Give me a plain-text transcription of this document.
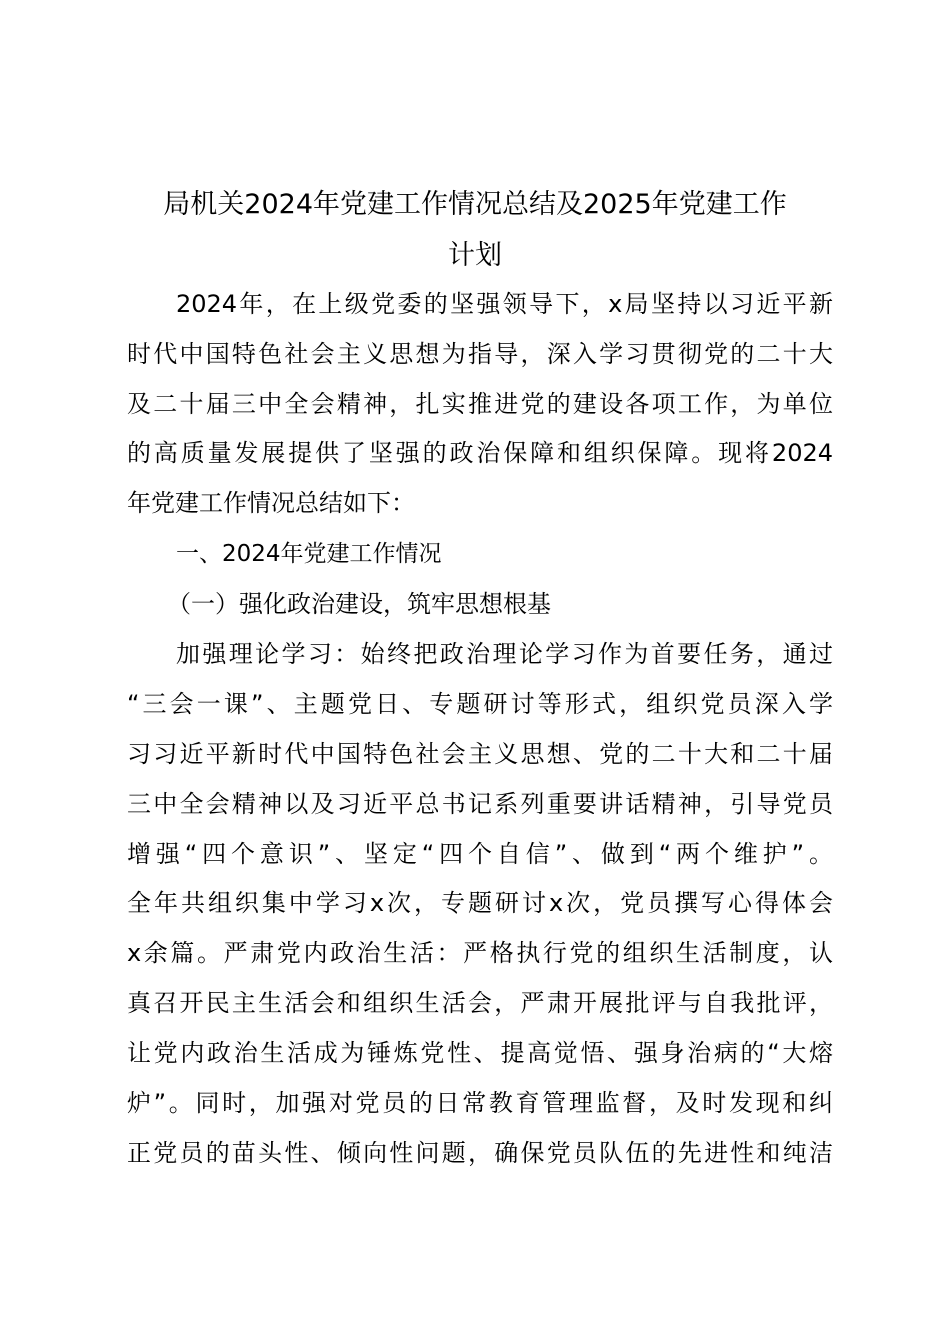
局机关2024年党建工作情况总结及2025年党建工作
计划

2024年，在上级党委的坚强领导下，x局坚持以习近平新

时代中国特色社会主义思想为指导，深入学习贯彻党的二十大

及二十届三中全会精神，扎实推进党的建设各项工作，为单位

的高质量发展提供了坚强的政治保障和组织保障。现将2024

年党建工作情况总结如下：

一、2024年党建工作情况

（一）强化政治建设，筑牢思想根基

加强理论学习：始终把政治理论学习作为首要任务，通过

“三会一课”、主题党日、专题研讨等形式，组织党员深入学

习习近平新时代中国特色社会主义思想、党的二十大和二十届

三中全会精神以及习近平总书记系列重要讲话精神，引导党员

增强“四个意识”、坚定“四个自信”、做到“两个维护”。

全年共组织集中学习x次，专题研讨x次，党员撰写心得体会

x余篇。严肃党内政治生活：严格执行党的组织生活制度，认

真召开民主生活会和组织生活会，严肃开展批评与自我批评，

让党内政治生活成为锤炼党性、提高觉悟、强身治病的“大熔

炉”。同时，加强对党员的日常教育管理监督，及时发现和纠

正党员的苗头性、倾向性问题，确保党员队伍的先进性和纯洁
